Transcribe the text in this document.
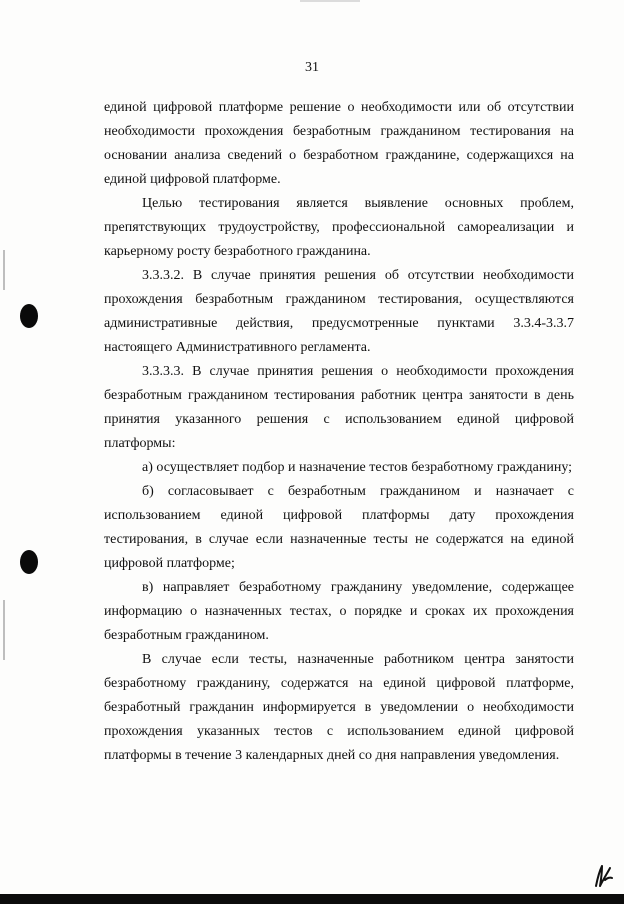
31

единой цифровой платформе решение о необходимости или об отсутствии
необходимости прохождения безработным гражданином тестирования на
основании анализа сведений о безработном гражданине, содержащихся на
единой цифровой платформе.

Целью тестирования является выявление основных проблем,
препятствующих трудоустройству, профессиональной самореализации и
карьерному росту безработного гражданина.

3.3.3.2. В случае принятия решения об отсутствии необходимости
прохождения безработным гражданином тестирования, осуществляются
административные действия, предусмотренные пунктами 3.3.4-3.3.7
настоящего Административного регламента.

3.3.3.3. В случае принятия решения о необходимости прохождения
безработным гражданином тестирования работник центра занятости в день
принятия указанного решения с использованием единой цифровой
платформы:

а) осуществляет подбор и назначение тестов безработному гражданину;

б) согласовывает с безработным гражданином и назначает с
использованием единой цифровой платформы дату прохождения
тестирования, в случае если назначенные тесты не содержатся на единой
цифровой платформе;

в) направляет безработному гражданину уведомление, содержащее
информацию о назначенных тестах, о порядке и сроках их прохождения
безработным гражданином.

В случае если тесты, назначенные работником центра занятости
безработному гражданину, содержатся на единой цифровой платформе,
безработный гражданин информируется в уведомлении о необходимости
прохождения указанных тестов с использованием единой цифровой
платформы в течение 3 календарных дней со дня направления уведомления.
